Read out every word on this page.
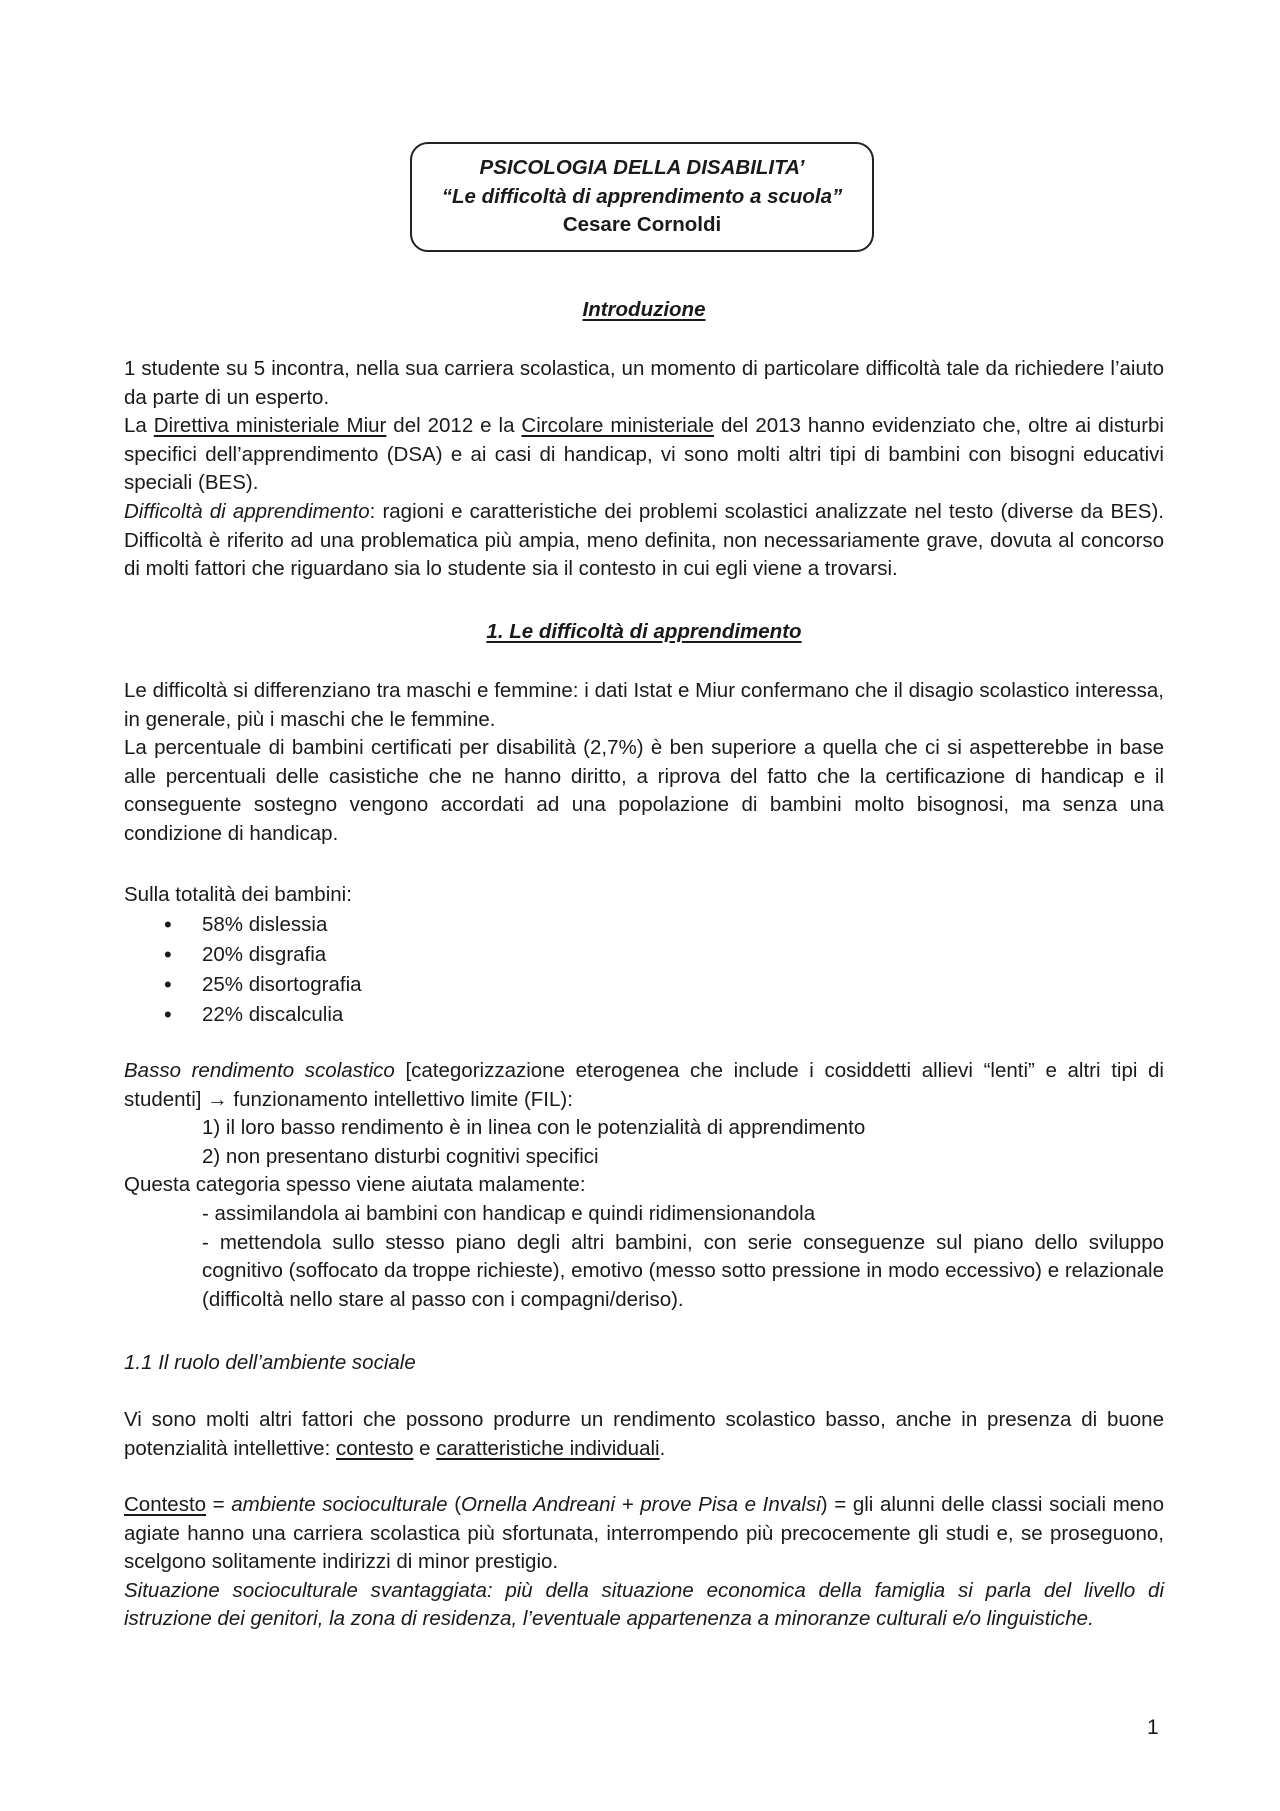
PSICOLOGIA DELLA DISABILITA’
“Le difficoltà di apprendimento a scuola”
Cesare Cornoldi
Introduzione

1 studente su 5 incontra, nella sua carriera scolastica, un momento di particolare difficoltà tale da richiedere l’aiuto da parte di un esperto.

La Direttiva ministeriale Miur del 2012 e la Circolare ministeriale del 2013 hanno evidenziato che, oltre ai disturbi specifici dell’apprendimento (DSA) e ai casi di handicap, vi sono molti altri tipi di bambini con bisogni educativi speciali (BES).

Difficoltà di apprendimento: ragioni e caratteristiche dei problemi scolastici analizzate nel testo (diverse da BES). Difficoltà è riferito ad una problematica più ampia, meno definita, non necessariamente grave, dovuta al concorso di molti fattori che riguardano sia lo studente sia il contesto in cui egli viene a trovarsi.

1. Le difficoltà di apprendimento

Le difficoltà si differenziano tra maschi e femmine: i dati Istat e Miur confermano che il disagio scolastico interessa, in generale, più i maschi che le femmine.

La percentuale di bambini certificati per disabilità (2,7%) è ben superiore a quella che ci si aspetterebbe in base alle percentuali delle casistiche che ne hanno diritto, a riprova del fatto che la certificazione di handicap e il conseguente sostegno vengono accordati ad una popolazione di bambini molto bisognosi, ma senza una condizione di handicap.

Sulla totalità dei bambini:

• 58% dislessia
• 20% disgrafia
• 25% disortografia
• 22% discalculia

Basso rendimento scolastico [categorizzazione eterogenea che include i cosiddetti allievi “lenti” e altri tipi di studenti] → funzionamento intellettivo limite (FIL):

1) il loro basso rendimento è in linea con le potenzialità di apprendimento

2) non presentano disturbi cognitivi specifici

Questa categoria spesso viene aiutata malamente:

- assimilandola ai bambini con handicap e quindi ridimensionandola

- mettendola sullo stesso piano degli altri bambini, con serie conseguenze sul piano dello sviluppo cognitivo (soffocato da troppe richieste), emotivo (messo sotto pressione in modo eccessivo) e relazionale (difficoltà nello stare al passo con i compagni/deriso).

1.1 Il ruolo dell’ambiente sociale

Vi sono molti altri fattori che possono produrre un rendimento scolastico basso, anche in presenza di buone potenzialità intellettive: contesto e caratteristiche individuali.

Contesto = ambiente socioculturale (Ornella Andreani + prove Pisa e Invalsi) = gli alunni delle classi sociali meno agiate hanno una carriera scolastica più sfortunata, interrompendo più precocemente gli studi e, se proseguono, scelgono solitamente indirizzi di minor prestigio.

Situazione socioculturale svantaggiata: più della situazione economica della famiglia si parla del livello di istruzione dei genitori, la zona di residenza, l’eventuale appartenenza a minoranze culturali e/o linguistiche.

1
